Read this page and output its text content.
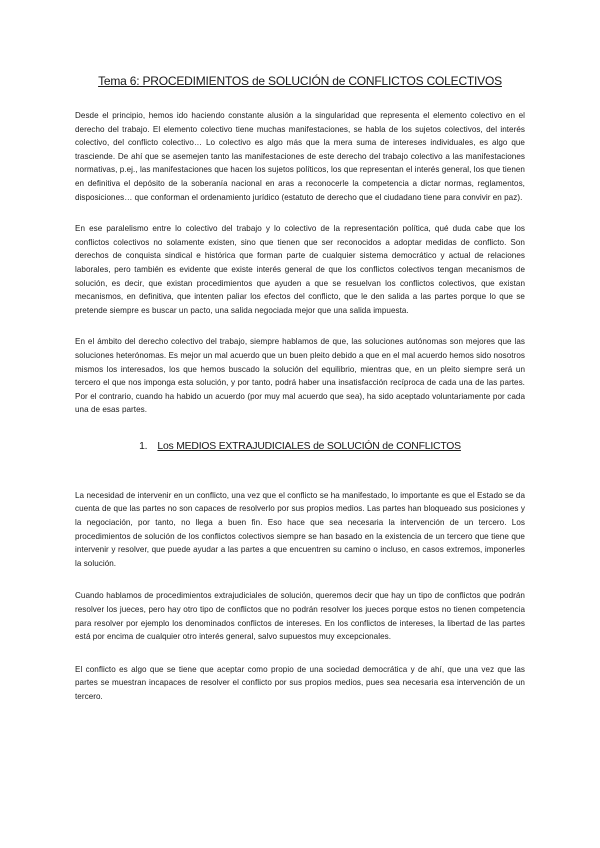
Tema 6: PROCEDIMIENTOS de SOLUCIÓN de CONFLICTOS COLECTIVOS

Desde el principio, hemos ido haciendo constante alusión a la singularidad que representa el elemento colectivo en el derecho del trabajo. El elemento colectivo tiene muchas manifestaciones, se habla de los sujetos colectivos, del interés colectivo, del conflicto colectivo… Lo colectivo es algo más que la mera suma de intereses individuales, es algo que trasciende. De ahí que se asemejen tanto las manifestaciones de este derecho del trabajo colectivo a las manifestaciones normativas, p.ej., las manifestaciones que hacen los sujetos políticos, los que representan el interés general, los que tienen en definitiva el depósito de la soberanía nacional en aras a reconocerle la competencia a dictar normas, reglamentos, disposiciones… que conforman el ordenamiento jurídico (estatuto de derecho que el ciudadano tiene para convivir en paz).

En ese paralelismo entre lo colectivo del trabajo y lo colectivo de la representación política, qué duda cabe que los conflictos colectivos no solamente existen, sino que tienen que ser reconocidos a adoptar medidas de conflicto. Son derechos de conquista sindical e histórica que forman parte de cualquier sistema democrático y actual de relaciones laborales, pero también es evidente que existe interés general de que los conflictos colectivos tengan mecanismos de solución, es decir, que existan procedimientos que ayuden a que se resuelvan los conflictos colectivos, que existan mecanismos, en definitiva, que intenten paliar los efectos del conflicto, que le den salida a las partes porque lo que se pretende siempre es buscar un pacto, una salida negociada mejor que una salida impuesta.

En el ámbito del derecho colectivo del trabajo, siempre hablamos de que, las soluciones autónomas son mejores que las soluciones heterónomas. Es mejor un mal acuerdo que un buen pleito debido a que en el mal acuerdo hemos sido nosotros mismos los interesados, los que hemos buscado la solución del equilibrio, mientras que, en un pleito siempre será un tercero el que nos imponga esta solución, y por tanto, podrá haber una insatisfacción recíproca de cada una de las partes. Por el contrario, cuando ha habido un acuerdo (por muy mal acuerdo que sea), ha sido aceptado voluntariamente por cada una de esas partes.

1. Los MEDIOS EXTRAJUDICIALES de SOLUCIÓN de CONFLICTOS

La necesidad de intervenir en un conflicto, una vez que el conflicto se ha manifestado, lo importante es que el Estado se da cuenta de que las partes no son capaces de resolverlo por sus propios medios. Las partes han bloqueado sus posiciones y la negociación, por tanto, no llega a buen fin. Eso hace que sea necesaria la intervención de un tercero. Los procedimientos de solución de los conflictos colectivos siempre se han basado en la existencia de un tercero que tiene que intervenir y resolver, que puede ayudar a las partes a que encuentren su camino o incluso, en casos extremos, imponerles la solución.

Cuando hablamos de procedimientos extrajudiciales de solución, queremos decir que hay un tipo de conflictos que podrán resolver los jueces, pero hay otro tipo de conflictos que no podrán resolver los jueces porque estos no tienen competencia para resolver por ejemplo los denominados conflictos de intereses. En los conflictos de intereses, la libertad de las partes está por encima de cualquier otro interés general, salvo supuestos muy excepcionales.

El conflicto es algo que se tiene que aceptar como propio de una sociedad democrática y de ahí, que una vez que las partes se muestran incapaces de resolver el conflicto por sus propios medios, pues sea necesaria esa intervención de un tercero.
